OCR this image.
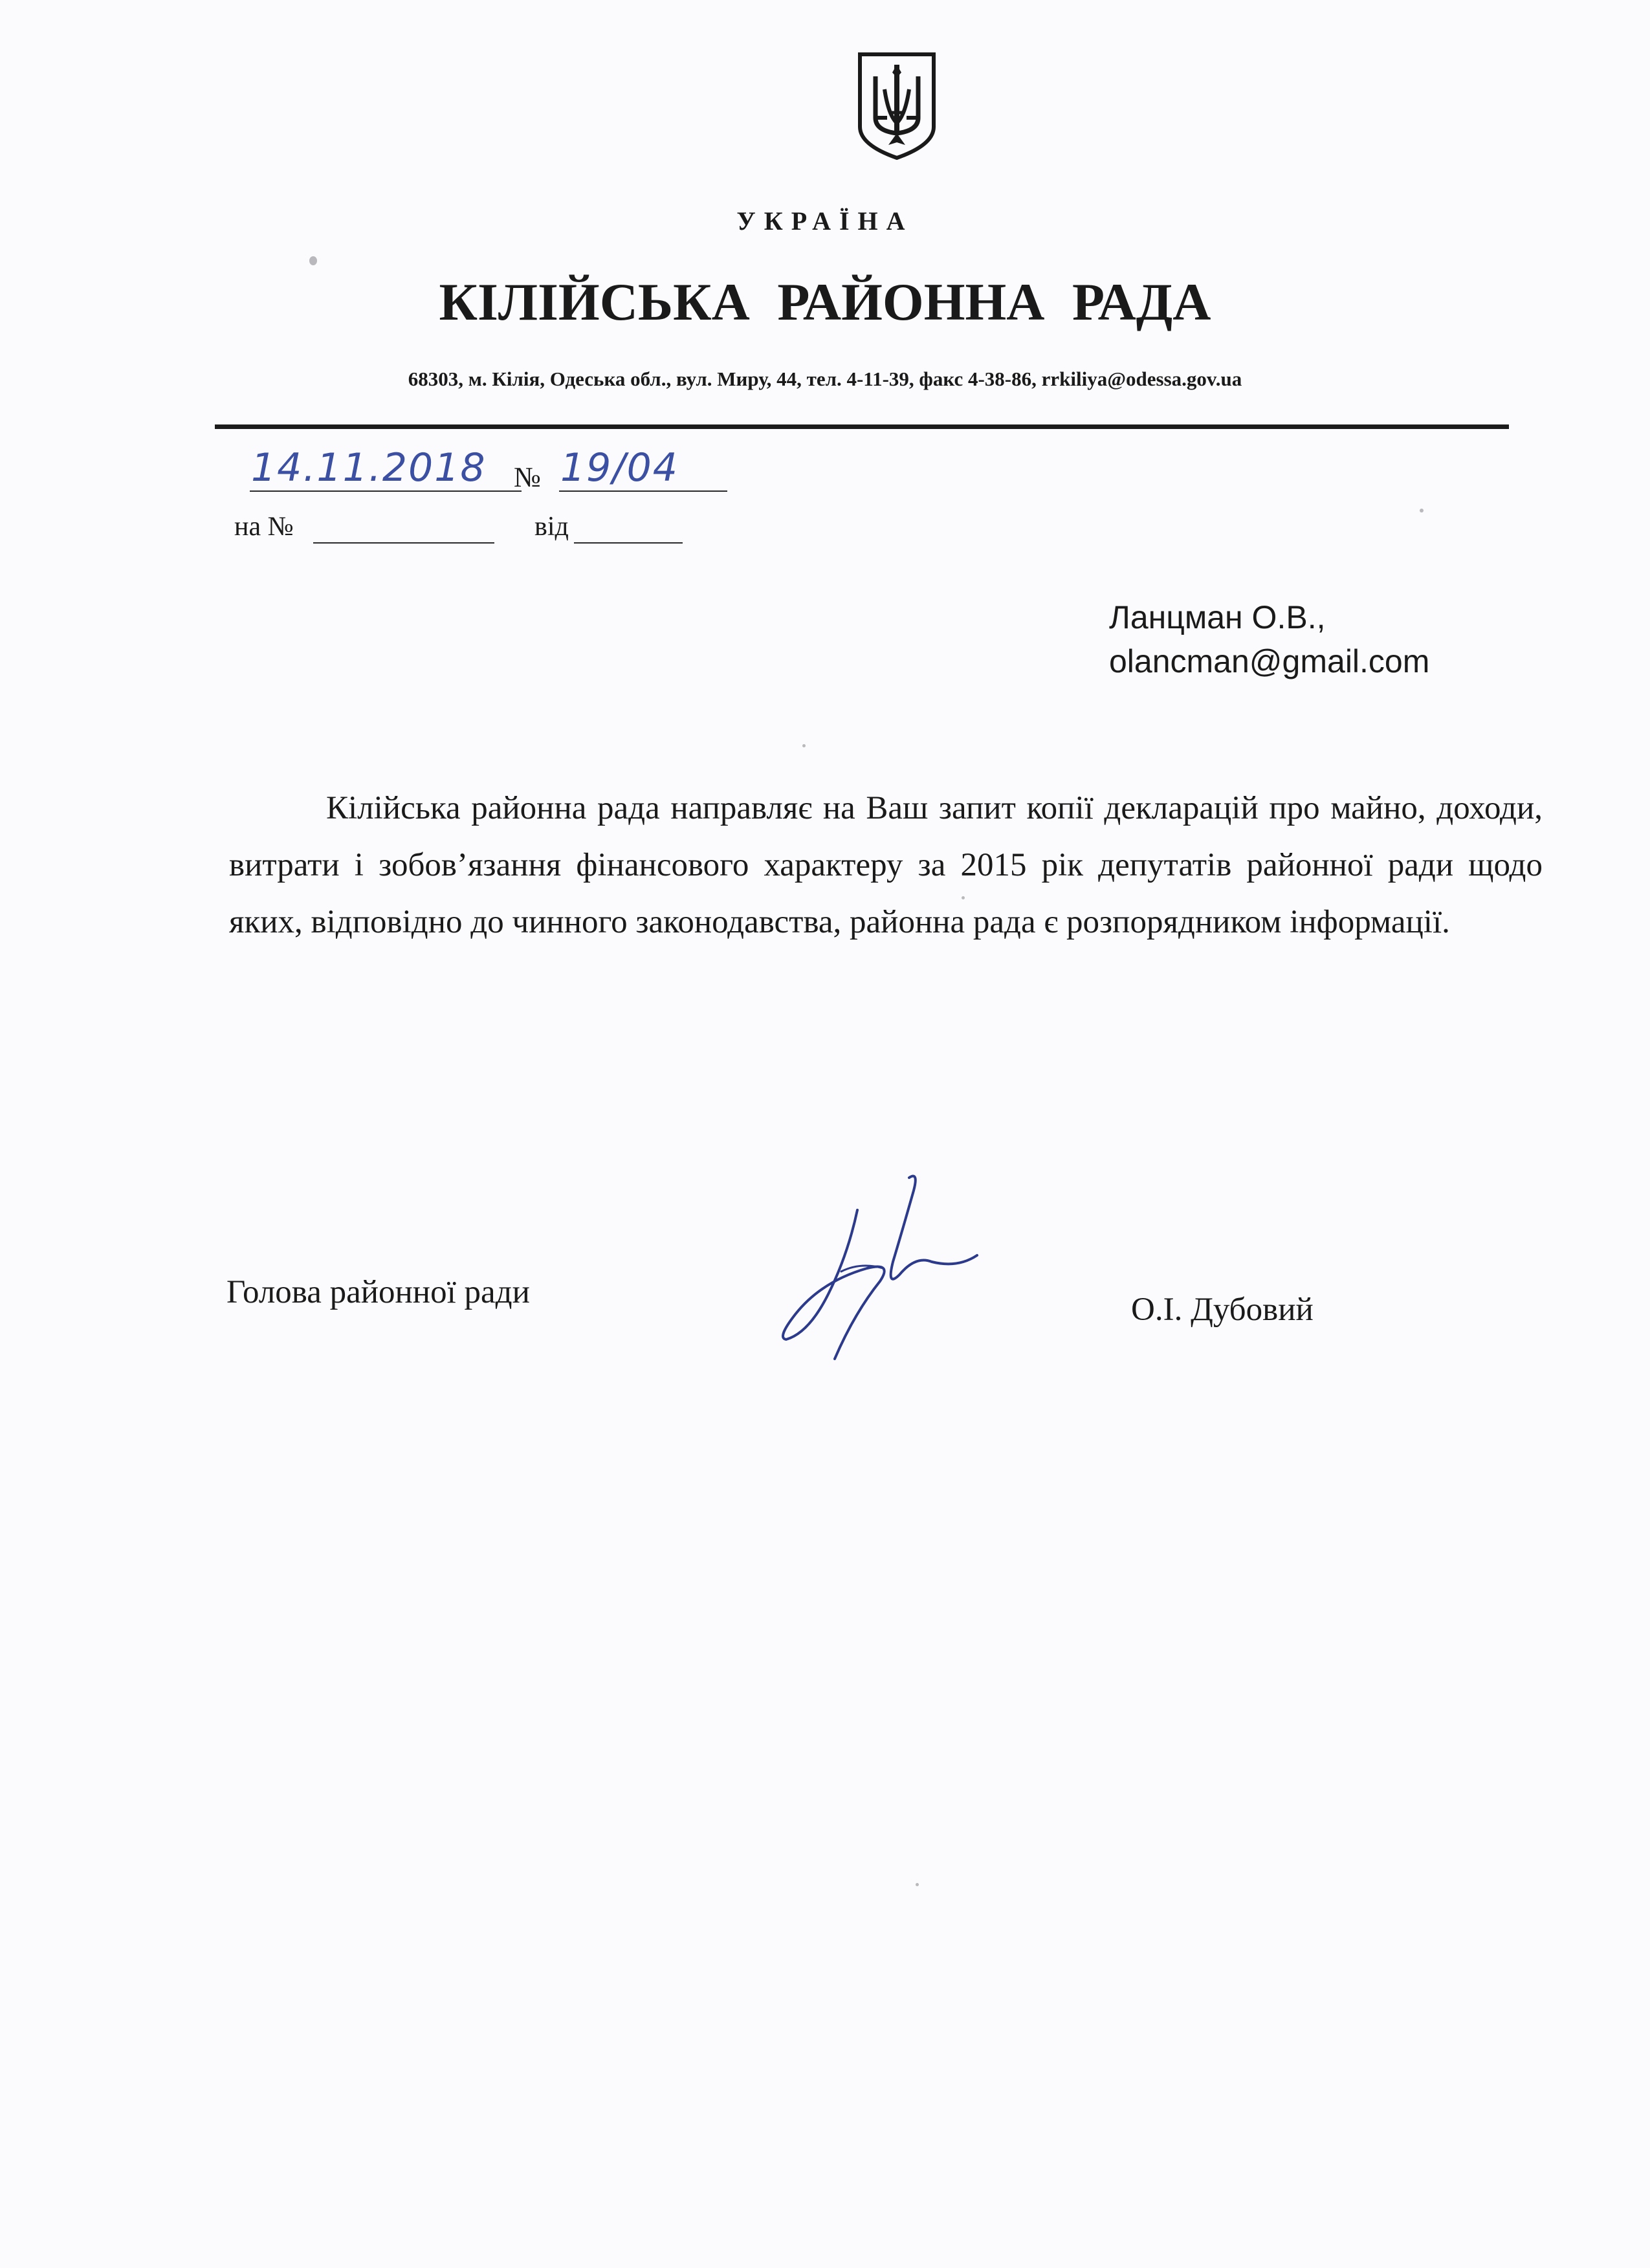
УКРАЇНА
КІЛІЙСЬКА РАЙОННА РАДА
68303, м. Кілія, Одеська обл., вул. Миру, 44, тел. 4-11-39, факс 4-38-86, rrkiliya@odessa.gov.ua
14.11.2018 № 19/04
на №	від
Ланцман О.В.,
olancman@gmail.com
Кілійська районна рада направляє на Ваш запит копії декларацій про майно, доходи, витрати і зобов’язання фінансового характеру за 2015 рік депутатів районної ради щодо яких, відповідно до чинного законодавства, районна рада є розпорядником інформації.
Голова районної ради	О.І. Дубовий
